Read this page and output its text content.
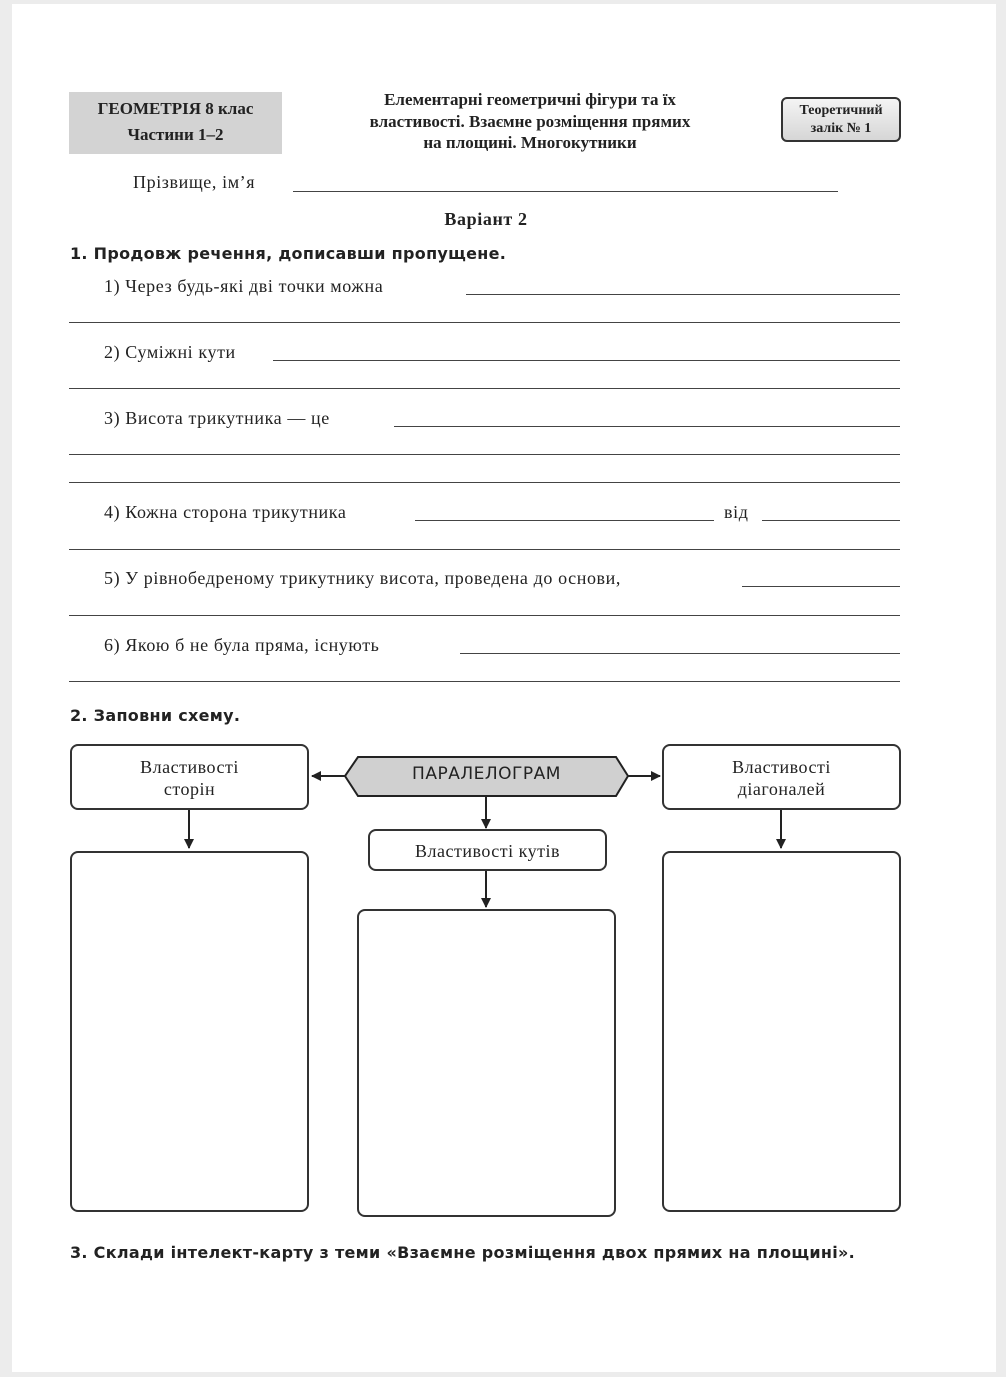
ГЕОМЕТРІЯ 8 клас
Частини 1–2
Елементарні геометричні фігури та їх
властивості. Взаємне розміщення прямих
на площині. Многокутники
Теоретичний
залік № 1
Прізвище, ім’я
Варіант 2
1. Продовж речення, дописавши пропущене.
1) Через будь-які дві точки можна
2) Суміжні кути
3) Висота трикутника — це
4) Кожна сторона трикутника	від
5) У рівнобедреному трикутнику висота, проведена до основи,
6) Якою б не була пряма, існують
2. Заповни схему.
ПАРАЛЕЛОГРАМ
Властивості
сторін
Властивості
діагоналей
Властивості кутів
3. Склади інтелект-карту з теми «Взаємне розміщення двох прямих на площині».
